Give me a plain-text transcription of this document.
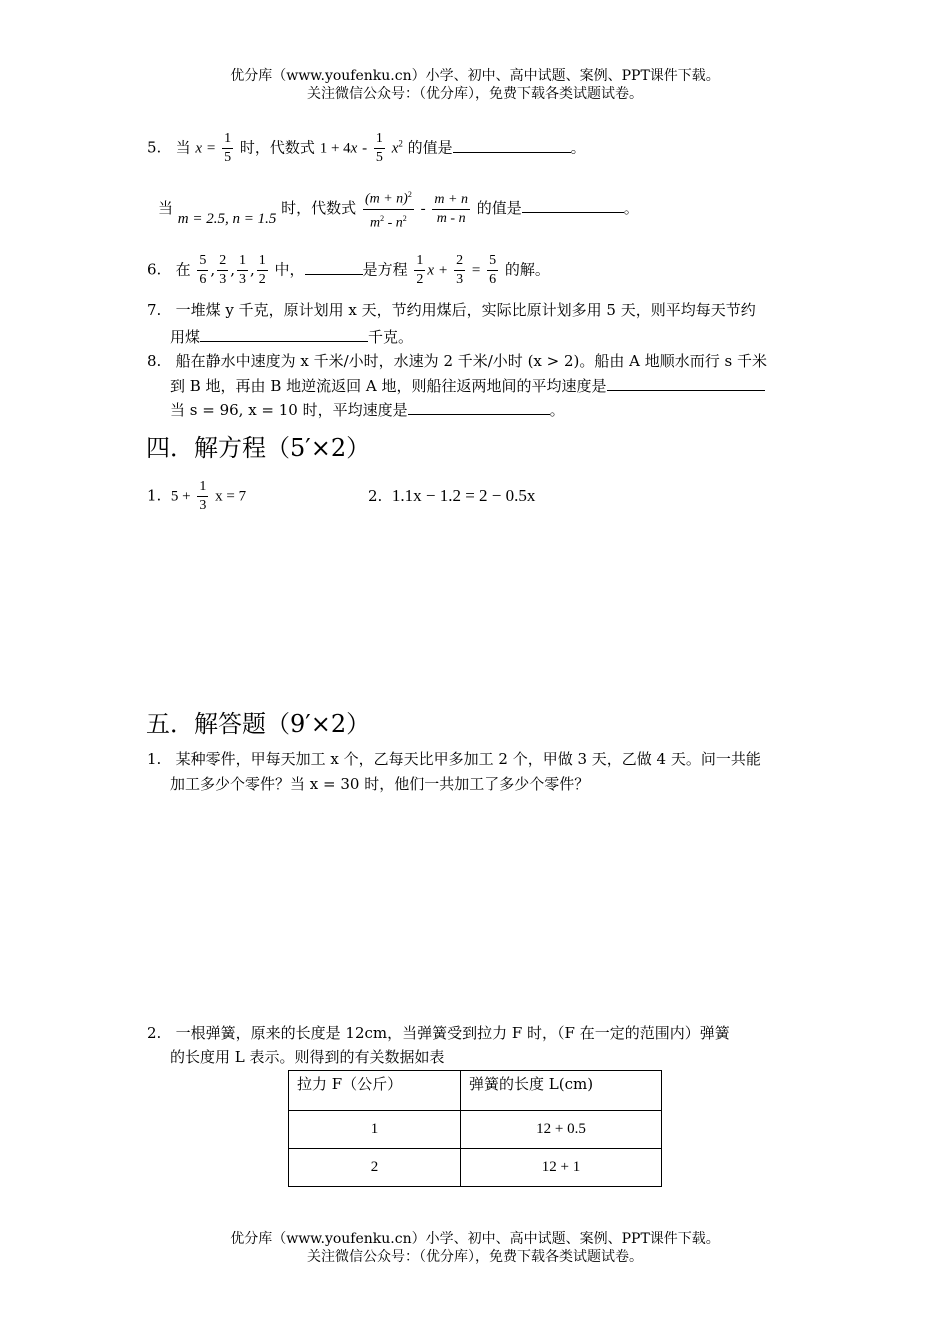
优分库（www.youfenku.cn）小学、初中、高中试题、案例、PPT课件下载。
关注微信公众号：（优分库），免费下载各类试题试卷。
5. 当 $x = \frac{1}{5}$ 时，代数式 $1 + 4x - \frac{1}{5} x^2$ 的值是	。
当 m = 2.5, n = 1.5 时，代数式 $\frac{(m + n)^2}{m^2 - n^2} - \frac{m + n}{m - n}$ 的值是	。
6. 在 $\frac{5}{6}$ , $\frac{2}{3}$ , $\frac{1}{3}$ , $\frac{1}{2}$ 中，	是方程 $\frac{1}{2}$ $x + \frac{2}{3} = \frac{5}{6}$ 的解。
7. 一堆煤 y 千克，原计划用 x 天，节约用煤后，实际比原计划多用 5 天，则平均每天节约
用煤	千克。
8. 船在静水中速度为 x 千米/小时，水速为 2 千米/小时 (x > 2)。船由 A 地顺水而行 s 千米
到 B 地，再由 B 地逆流返回 A 地，则船往返两地间的平均速度是
当 s = 96, x = 10 时，平均速度是	。
四．解方程（5′×2）
1. $5 + \frac{1}{3}$ x = 7	2. 1.1x − 1.2 = 2 − 0.5x
五．解答题（9′×2）
1. 某种零件，甲每天加工 x 个，乙每天比甲多加工 2 个，甲做 3 天，乙做 4 天。问一共能
加工多少个零件？当 x = 30 时，他们一共加工了多少个零件？
2. 一根弹簧，原来的长度是 12cm，当弹簧受到拉力 F 时，（F 在一定的范围内）弹簧
的长度用 L 表示。则得到的有关数据如表
拉力 F（公斤）	弹簧的长度 L(cm)
1	12 + 0.5
2	12 + 1
优分库（www.youfenku.cn）小学、初中、高中试题、案例、PPT课件下载。
关注微信公众号：（优分库），免费下载各类试题试卷。
